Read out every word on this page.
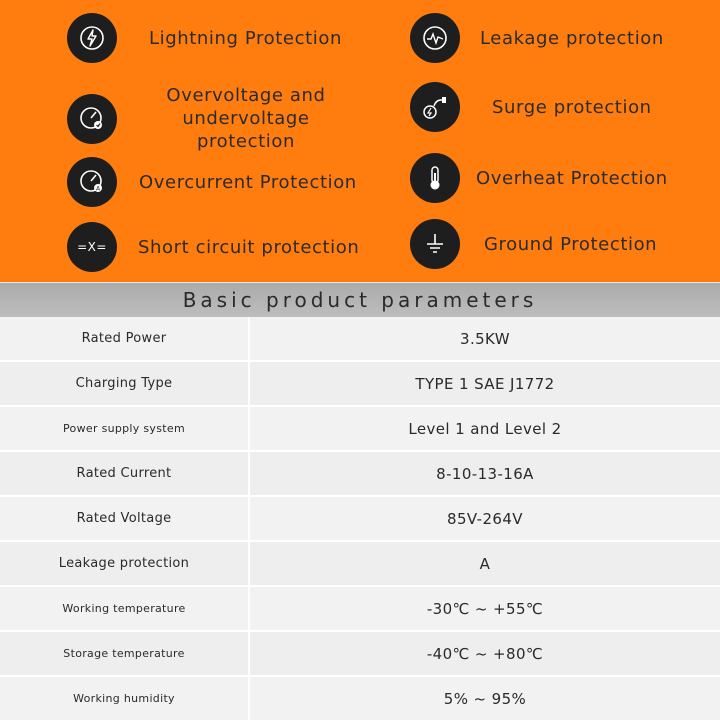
Lightning Protection	Leakage protection
Overvoltage and undervoltage protection
Surge protection
A Overcurrent Protection	Overheat Protection
=X= Short circuit protection	Ground Protection
Basic product parameters
Rated Power	3.5KW
Charging Type	TYPE 1 SAE J1772
Power supply system	Level 1 and Level 2
Rated Current	8-10-13-16A
Rated Voltage	85V-264V
Leakage protection	A
Working temperature	-30℃ ~ +55℃
Storage temperature	-40℃ ~ +80℃
Working humidity	5% ~ 95%
